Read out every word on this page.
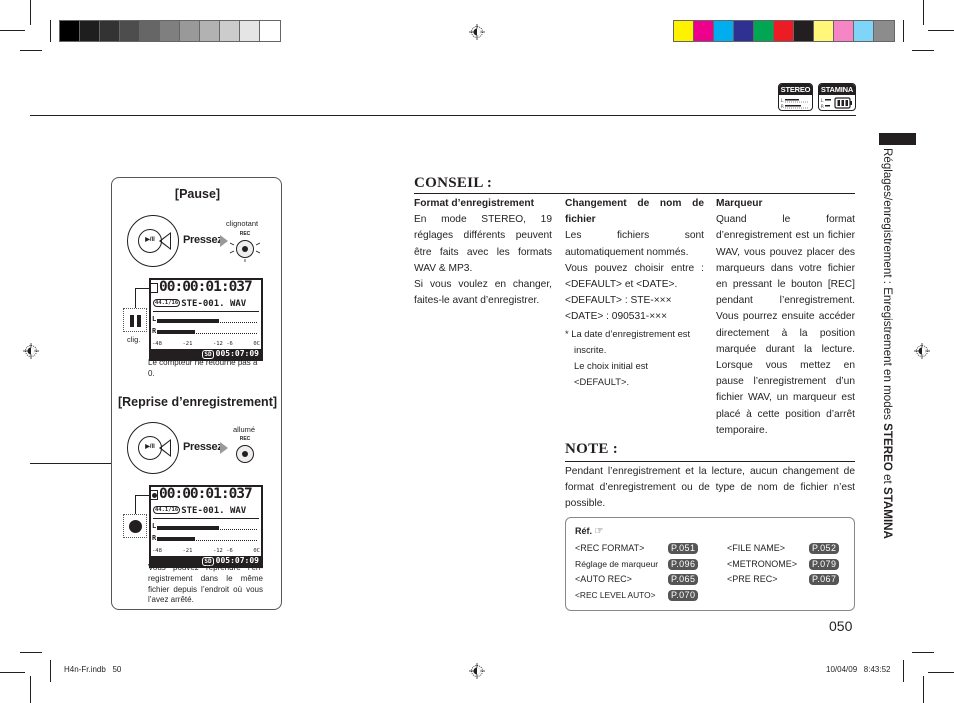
STEREO
L
R
STAMINA
L
R
Réglages/enregistrement : Enregistrement en modes STEREO et STAMINA
[Pause]
▶/II	Pressez
clignotant
REC
00:00:01:037
$^{44.1/16}$ STE-001. WAV
L
R
-48	-21	-12 -6	0C
SD 005:07:09
clig.
Le compteur ne retourne pas à 0.
[Reprise d’enregistrement]
▶/II	Pressez
allumé
REC
00:00:01:037
$^{44.1/16}$ STE-001. WAV
L
R
-48	-21	-12 -6	0C
SD 005:07:09
Vous pouvez reprendre l’en-registrement dans le même fichier depuis l’endroit où vous l’avez arrêté.
CONSEIL :
Format d’enregistrement

En mode STEREO, 19 réglages différents peuvent être faits avec les formats WAV & MP3.

Si vous voulez en changer, faites-le avant d’enregistrer.

Changement de nom de fichier

Les fichiers sont automatiquement nommés.

Vous pouvez choisir entre : <DEFAULT> et <DATE>.

<DEFAULT> : STE-×××

<DATE> : 090531-×××

* La date d’enregistrement est inscrite.

Le choix initial est

<DEFAULT>.

Marqueur

Quand le format d’enregistrement est un fichier WAV, vous pouvez placer des marqueurs dans votre fichier en pressant le bouton [REC] pendant l’enregistrement. Vous pourrez ensuite accéder directement à la position marquée durant la lecture. Lorsque vous mettez en pause l’enregistrement d’un fichier WAV, un marqueur est placé à cette position d’arrêt temporaire.

NOTE :

Pendant l’enregistrement et la lecture, aucun changement de format d’enregistrement ou de type de nom de fichier n’est possible.

Réf. ☞
<REC FORMAT>	P.051
Réglage de marqueur	P.096
<AUTO REC>	P.065
<REC LEVEL AUTO>	P.070
<FILE NAME>	P.052
<METRONOME>	P.079
<PRE REC>	P.067
050
H4n-Fr.indb   50	10/04/09   8:43:52
